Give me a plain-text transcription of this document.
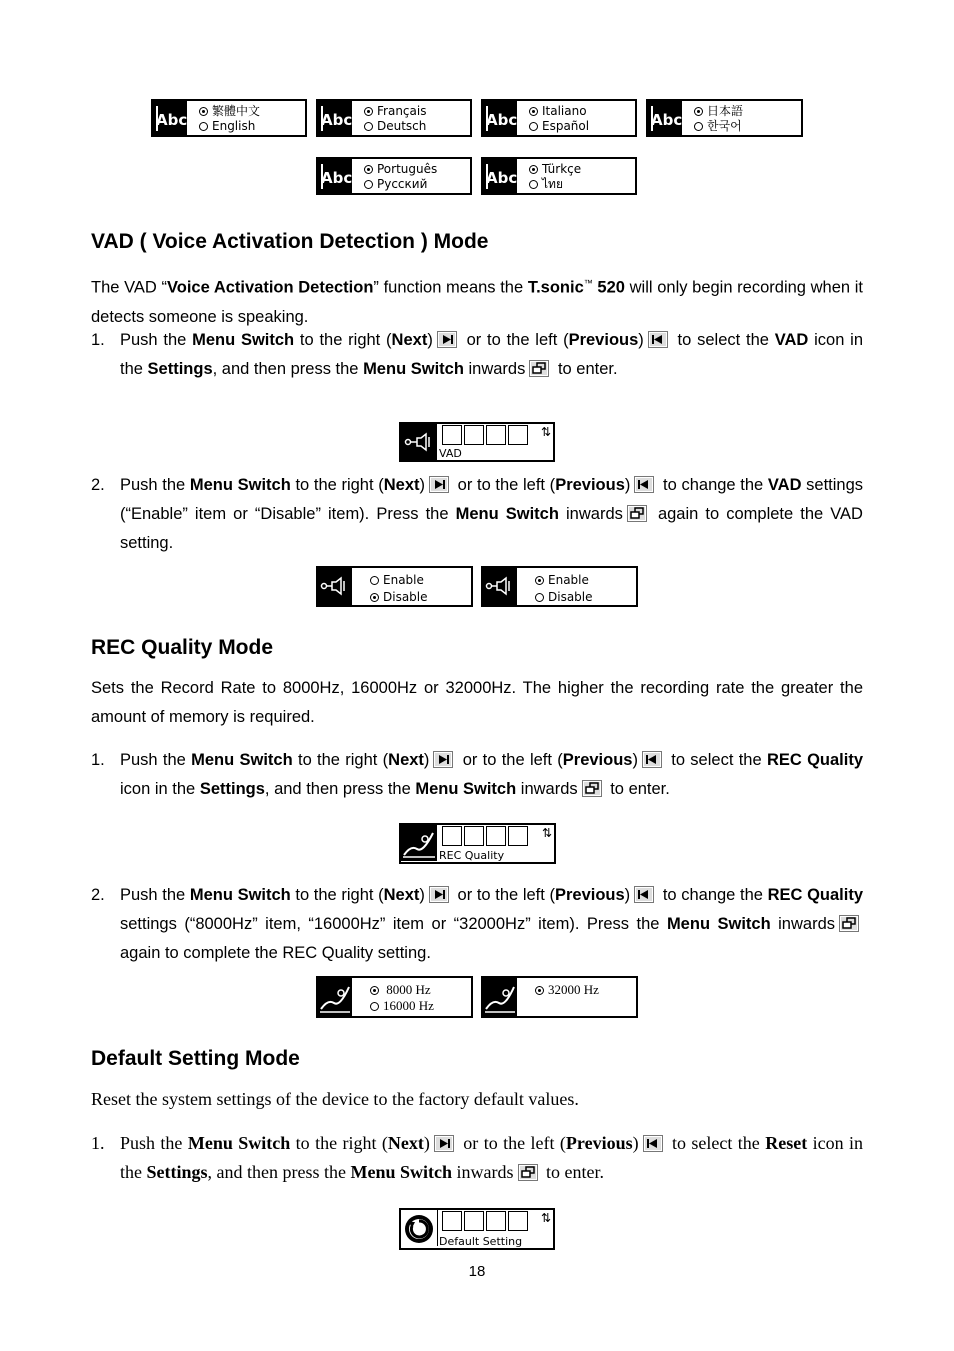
Abc	繁體中文
English	Abc	Français
Deutsch	Abc	Italiano
Español	Abc	日本語
한국어
Abc	Português
Русский	Abc	Türkçe
ไทย
VAD ( Voice Activation Detection ) Mode

The VAD “Voice Activation Detection” function means the T.sonic™ 520 will only begin recording when it detects someone is speaking.

1. Push the Menu Switch to the right (Next) or to the left (Previous) to select the VAD icon in the Settings, and then press the Menu Switch inwards to enter.
⇅
VAD
2. Push the Menu Switch to the right (Next) or to the left (Previous) to change the VAD settings (“Enable” item or “Disable” item). Press the Menu Switch inwards again to complete the VAD setting.
Enable
Disable
Enable
Disable
REC Quality Mode

Sets the Record Rate to 8000Hz, 16000Hz or 32000Hz. The higher the recording rate the greater the amount of memory is required.

1. Push the Menu Switch to the right (Next) or to the left (Previous) to select the REC Quality icon in the Settings, and then press the Menu Switch inwards to enter.
⇅
REC Quality
2. Push the Menu Switch to the right (Next) or to the left (Previous) to change the REC Quality settings (“8000Hz” item, “16000Hz” item or “32000Hz” item). Press the Menu Switch inwards again to complete the REC Quality setting.
8000 Hz
16000 Hz
32000 Hz
Default Setting Mode

Reset the system settings of the device to the factory default values.

1. Push the Menu Switch to the right (Next) or to the left (Previous) to select the Reset icon in the Settings, and then press the Menu Switch inwards to enter.
⇅
Default Setting
18
